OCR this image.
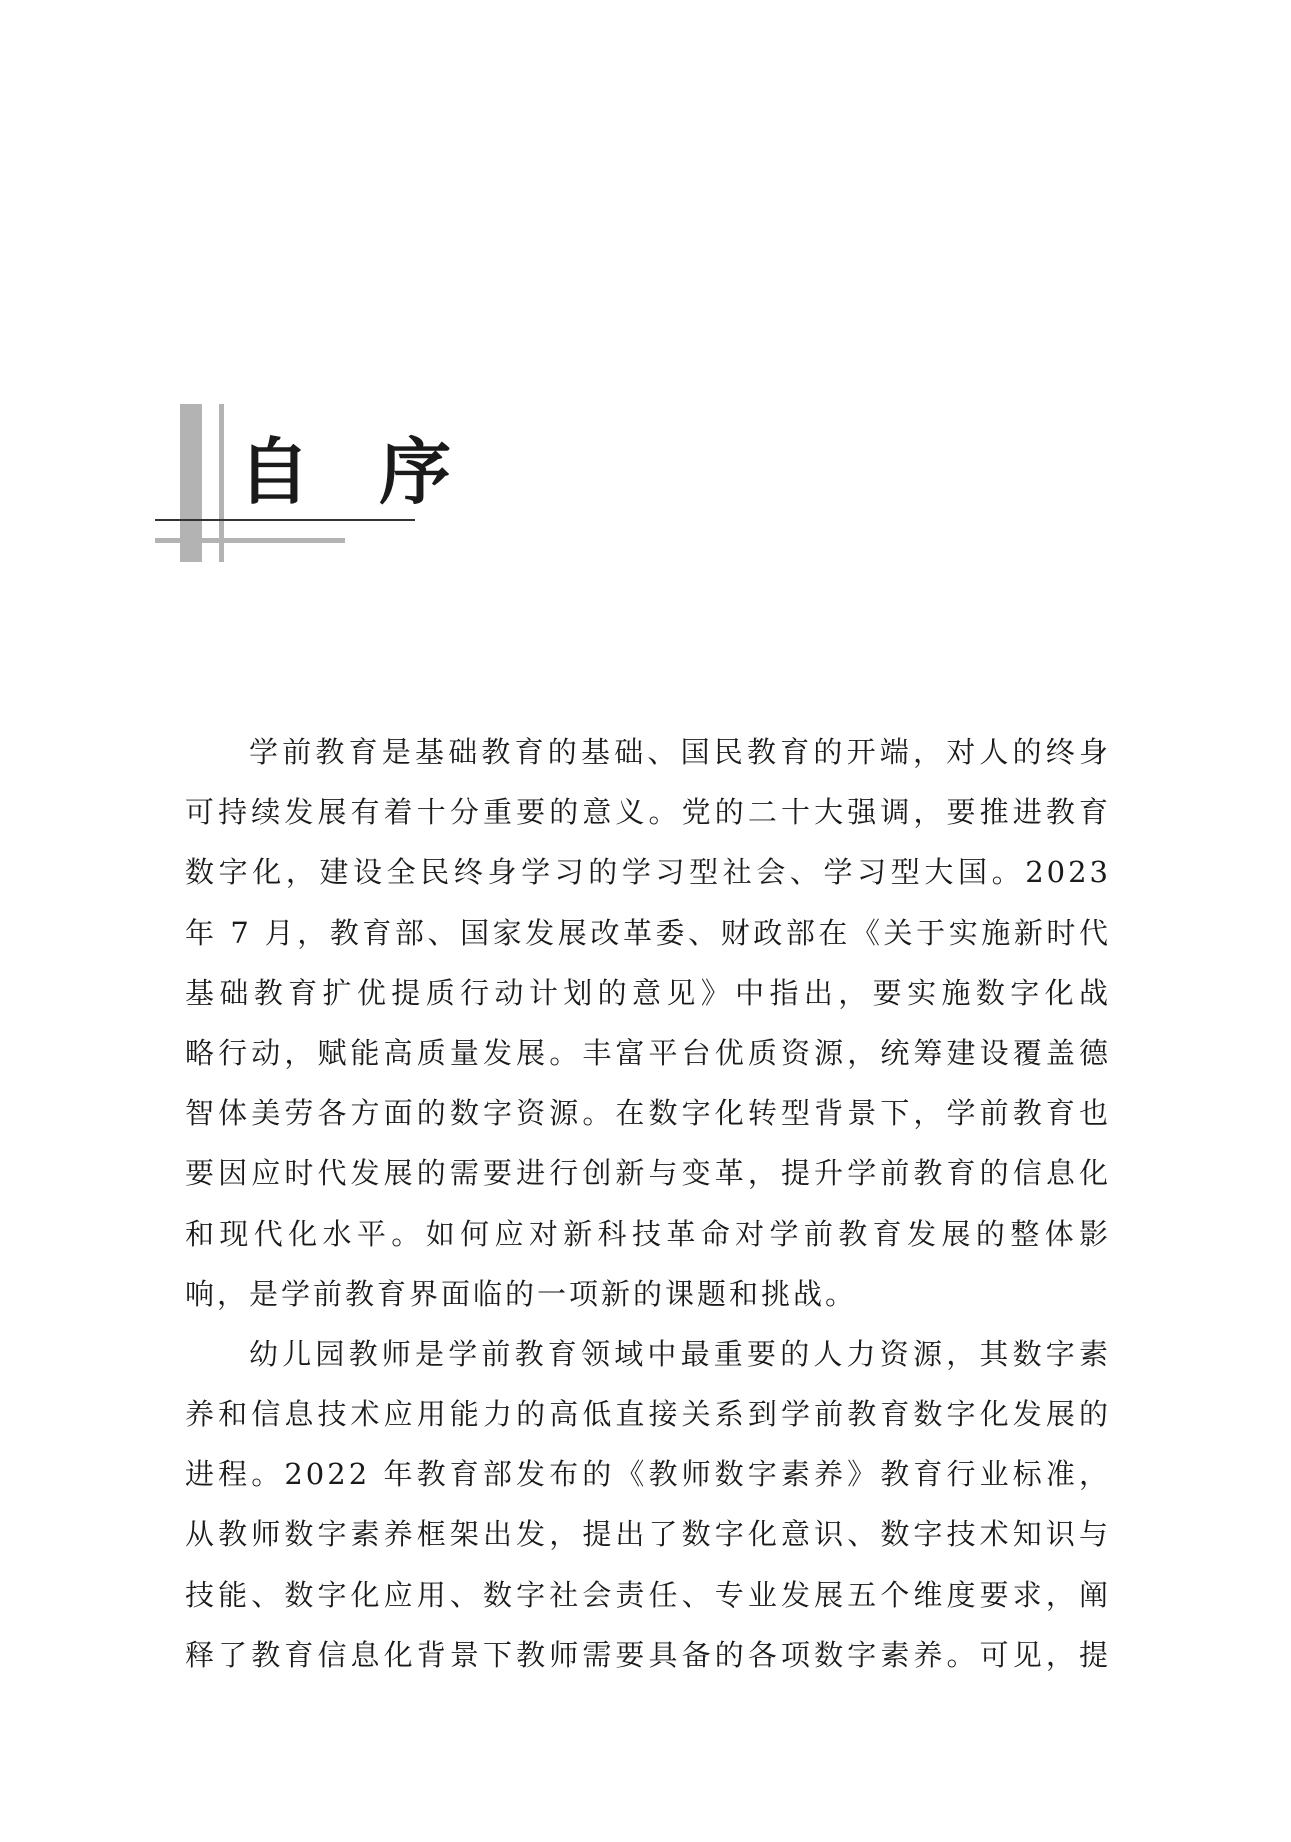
自 序
学前教育是基础教育的基础、国民教育的开端，对人的终身
可持续发展有着十分重要的意义。党的二十大强调，要推进教育
数字化，建设全民终身学习的学习型社会、学习型大国。2023
年 7 月，教育部、国家发展改革委、财政部在《关于实施新时代
基础教育扩优提质行动计划的意见》中指出，要实施数字化战
略行动，赋能高质量发展。丰富平台优质资源，统筹建设覆盖德
智体美劳各方面的数字资源。在数字化转型背景下，学前教育也
要因应时代发展的需要进行创新与变革，提升学前教育的信息化
和现代化水平。如何应对新科技革命对学前教育发展的整体影
响，是学前教育界面临的一项新的课题和挑战。
幼儿园教师是学前教育领域中最重要的人力资源，其数字素
养和信息技术应用能力的高低直接关系到学前教育数字化发展的
进程。2022 年教育部发布的《教师数字素养》教育行业标准，
从教师数字素养框架出发，提出了数字化意识、数字技术知识与
技能、数字化应用、数字社会责任、专业发展五个维度要求，阐
释了教育信息化背景下教师需要具备的各项数字素养。可见，提
